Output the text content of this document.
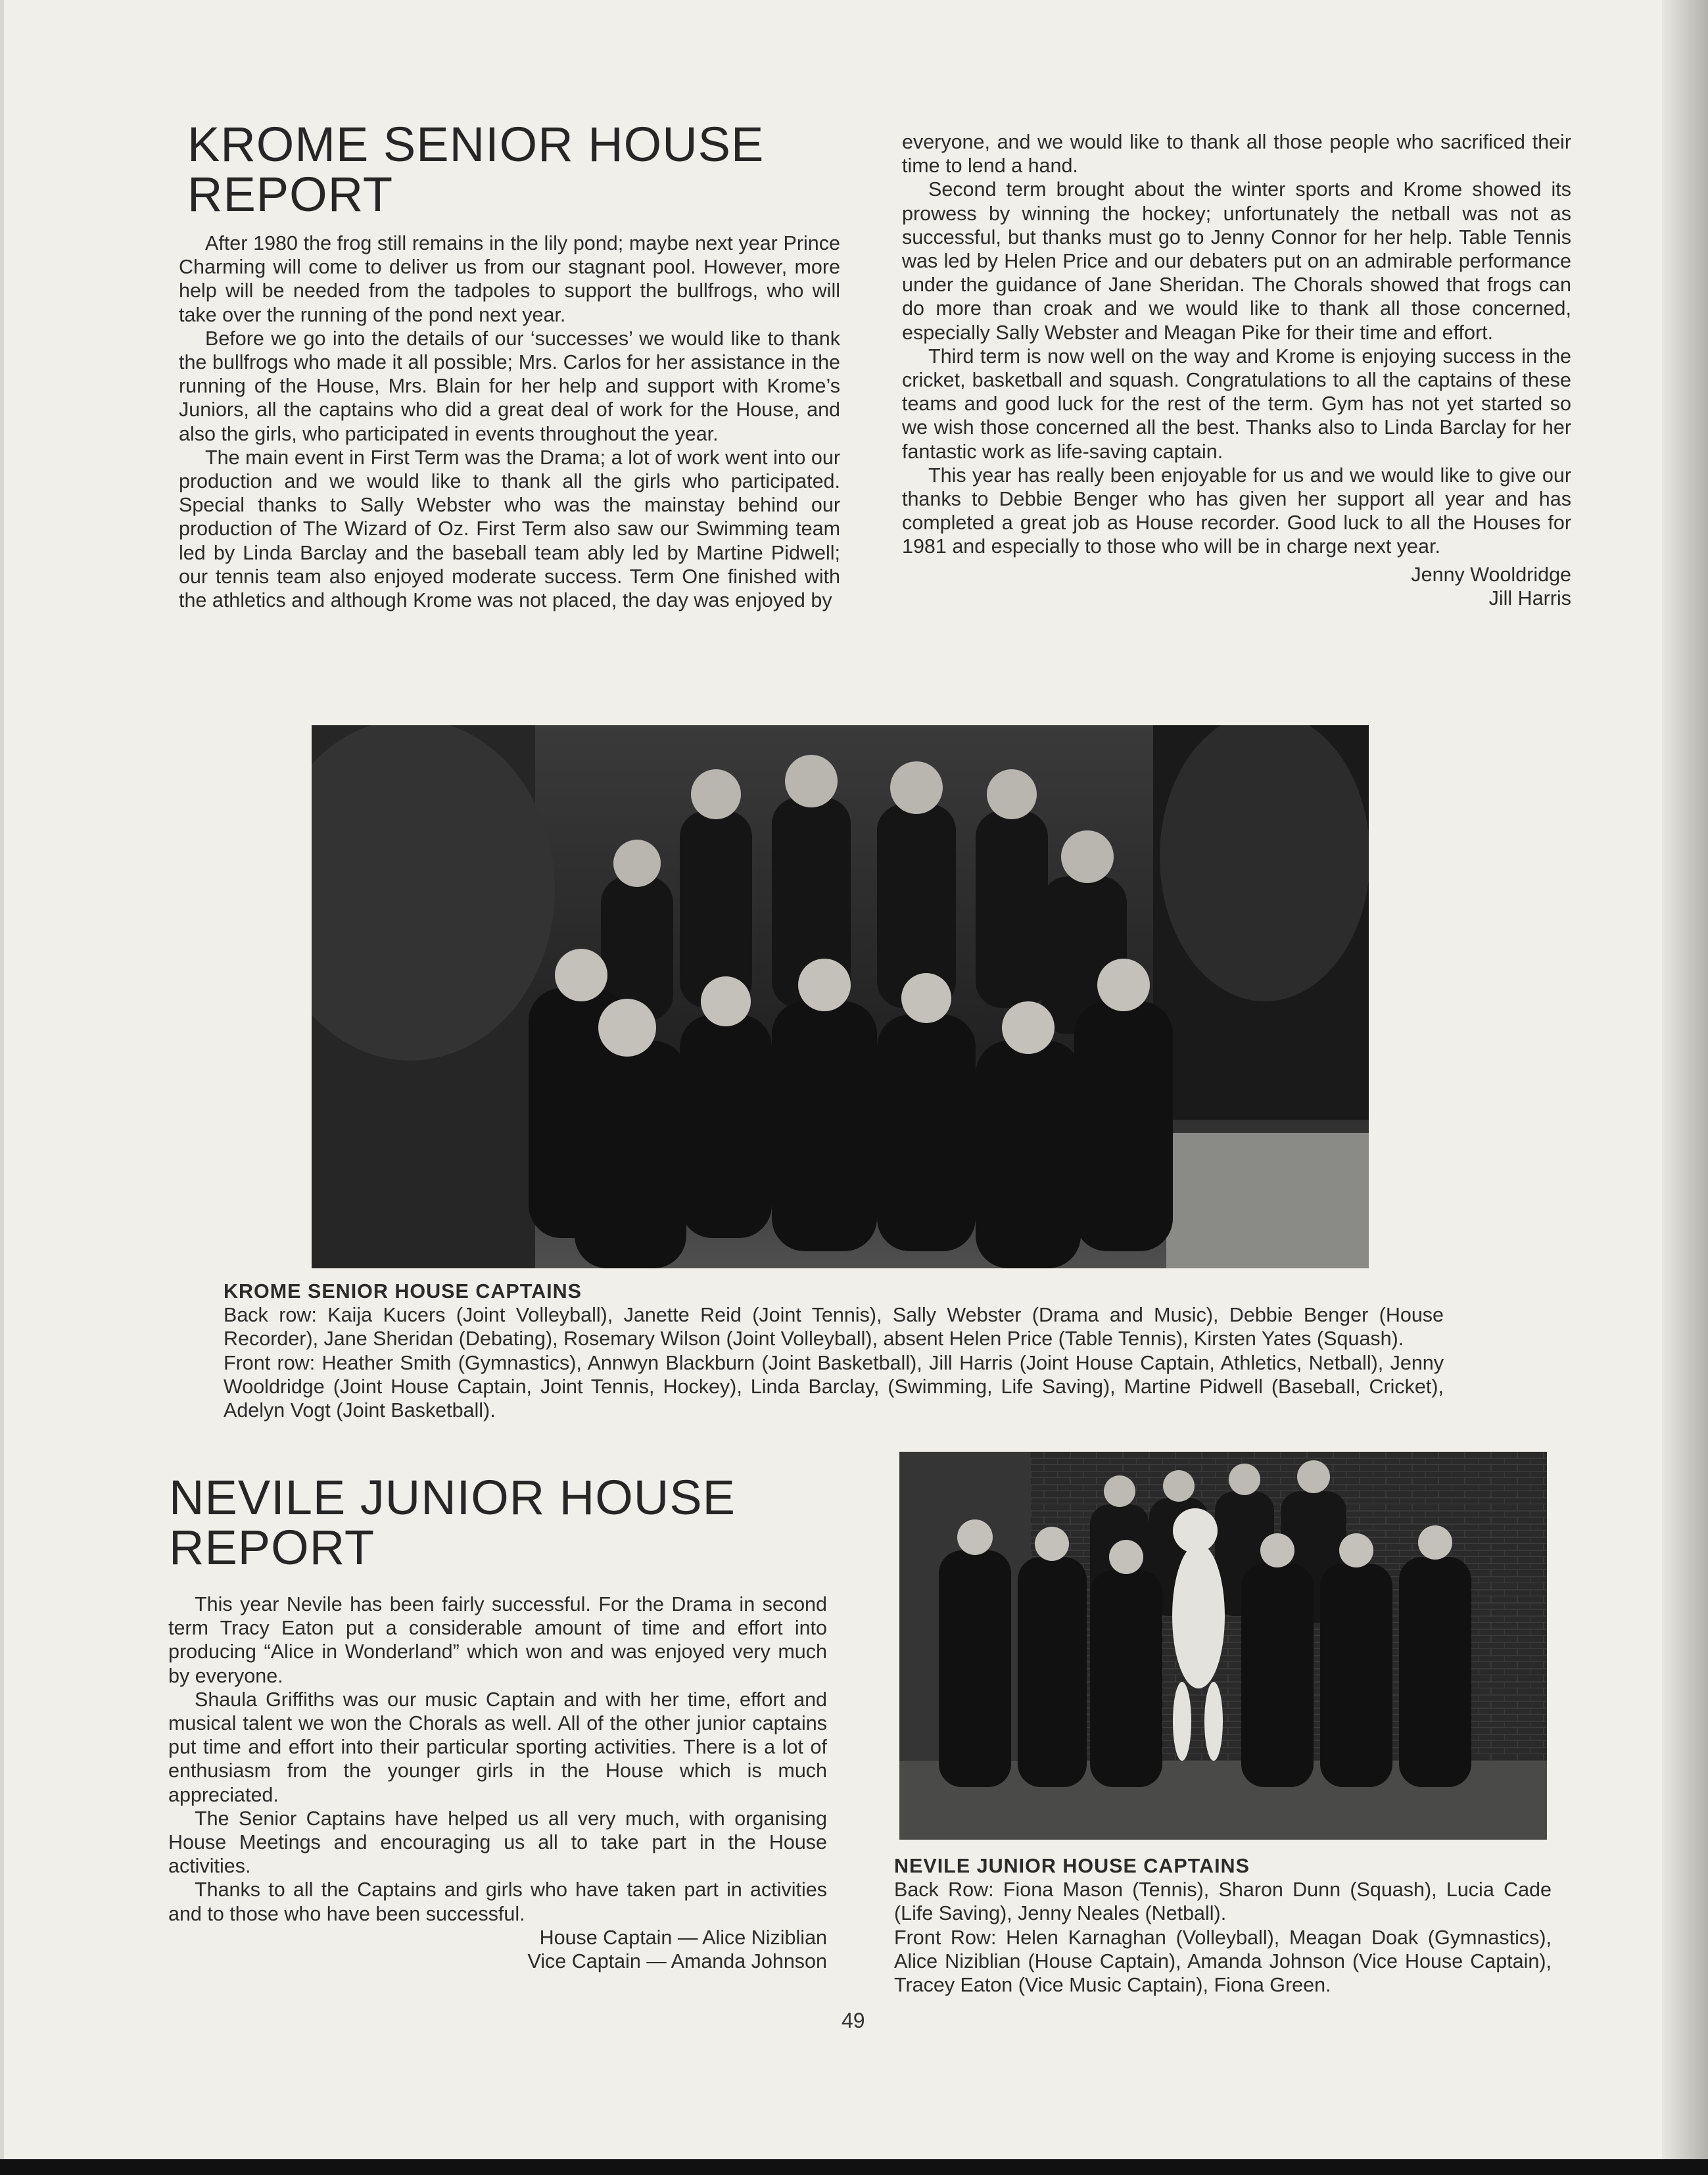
KROME SENIOR HOUSE
REPORT

After 1980 the frog still remains in the lily pond; maybe next year Prince Charming will come to deliver us from our stagnant pool. However, more help will be needed from the tadpoles to support the bullfrogs, who will take over the running of the pond next year.

Before we go into the details of our ‘successes’ we would like to thank the bullfrogs who made it all possible; Mrs. Carlos for her assistance in the running of the House, Mrs. Blain for her help and support with Krome’s Juniors, all the captains who did a great deal of work for the House, and also the girls, who participated in events throughout the year.

The main event in First Term was the Drama; a lot of work went into our production and we would like to thank all the girls who participated. Special thanks to Sally Webster who was the mainstay behind our production of The Wizard of Oz. First Term also saw our Swimming team led by Linda Barclay and the baseball team ably led by Martine Pidwell; our tennis team also enjoyed moderate success. Term One finished with the athletics and although Krome was not placed, the day was enjoyed by

everyone, and we would like to thank all those people who sacrificed their time to lend a hand.

Second term brought about the winter sports and Krome showed its prowess by winning the hockey; unfortunately the netball was not as successful, but thanks must go to Jenny Connor for her help. Table Tennis was led by Helen Price and our debaters put on an admirable performance under the guidance of Jane Sheridan. The Chorals showed that frogs can do more than croak and we would like to thank all those concerned, especially Sally Webster and Meagan Pike for their time and effort.

Third term is now well on the way and Krome is enjoying success in the cricket, basketball and squash. Congratulations to all the captains of these teams and good luck for the rest of the term. Gym has not yet started so we wish those concerned all the best. Thanks also to Linda Barclay for her fantastic work as life-saving captain.

This year has really been enjoyable for us and we would like to give our thanks to Debbie Benger who has given her support all year and has completed a great job as House recorder. Good luck to all the Houses for 1981 and especially to those who will be in charge next year.

Jenny Wooldridge

Jill Harris

KROME SENIOR HOUSE CAPTAINS

Back row: Kaija Kucers (Joint Volleyball), Janette Reid (Joint Tennis), Sally Webster (Drama and Music), Debbie Benger (House Recorder), Jane Sheridan (Debating), Rosemary Wilson (Joint Volleyball), absent Helen Price (Table Tennis), Kirsten Yates (Squash).

Front row: Heather Smith (Gymnastics), Annwyn Blackburn (Joint Basketball), Jill Harris (Joint House Captain, Athletics, Netball), Jenny Wooldridge (Joint House Captain, Joint Tennis, Hockey), Linda Barclay, (Swimming, Life Saving), Martine Pidwell (Baseball, Cricket), Adelyn Vogt (Joint Basketball).

NEVILE JUNIOR HOUSE
REPORT

This year Nevile has been fairly successful. For the Drama in second term Tracy Eaton put a considerable amount of time and effort into producing “Alice in Wonderland” which won and was enjoyed very much by everyone.

Shaula Griffiths was our music Captain and with her time, effort and musical talent we won the Chorals as well. All of the other junior captains put time and effort into their particular sporting activities. There is a lot of enthusiasm from the younger girls in the House which is much appreciated.

The Senior Captains have helped us all very much, with organising House Meetings and encouraging us all to take part in the House activities.

Thanks to all the Captains and girls who have taken part in activities and to those who have been successful.

House Captain — Alice Niziblian

Vice Captain — Amanda Johnson

NEVILE JUNIOR HOUSE CAPTAINS

Back Row: Fiona Mason (Tennis), Sharon Dunn (Squash), Lucia Cade (Life Saving), Jenny Neales (Netball).

Front Row: Helen Karnaghan (Volleyball), Meagan Doak (Gymnastics), Alice Niziblian (House Captain), Amanda Johnson (Vice House Captain), Tracey Eaton (Vice Music Captain), Fiona Green.

49
